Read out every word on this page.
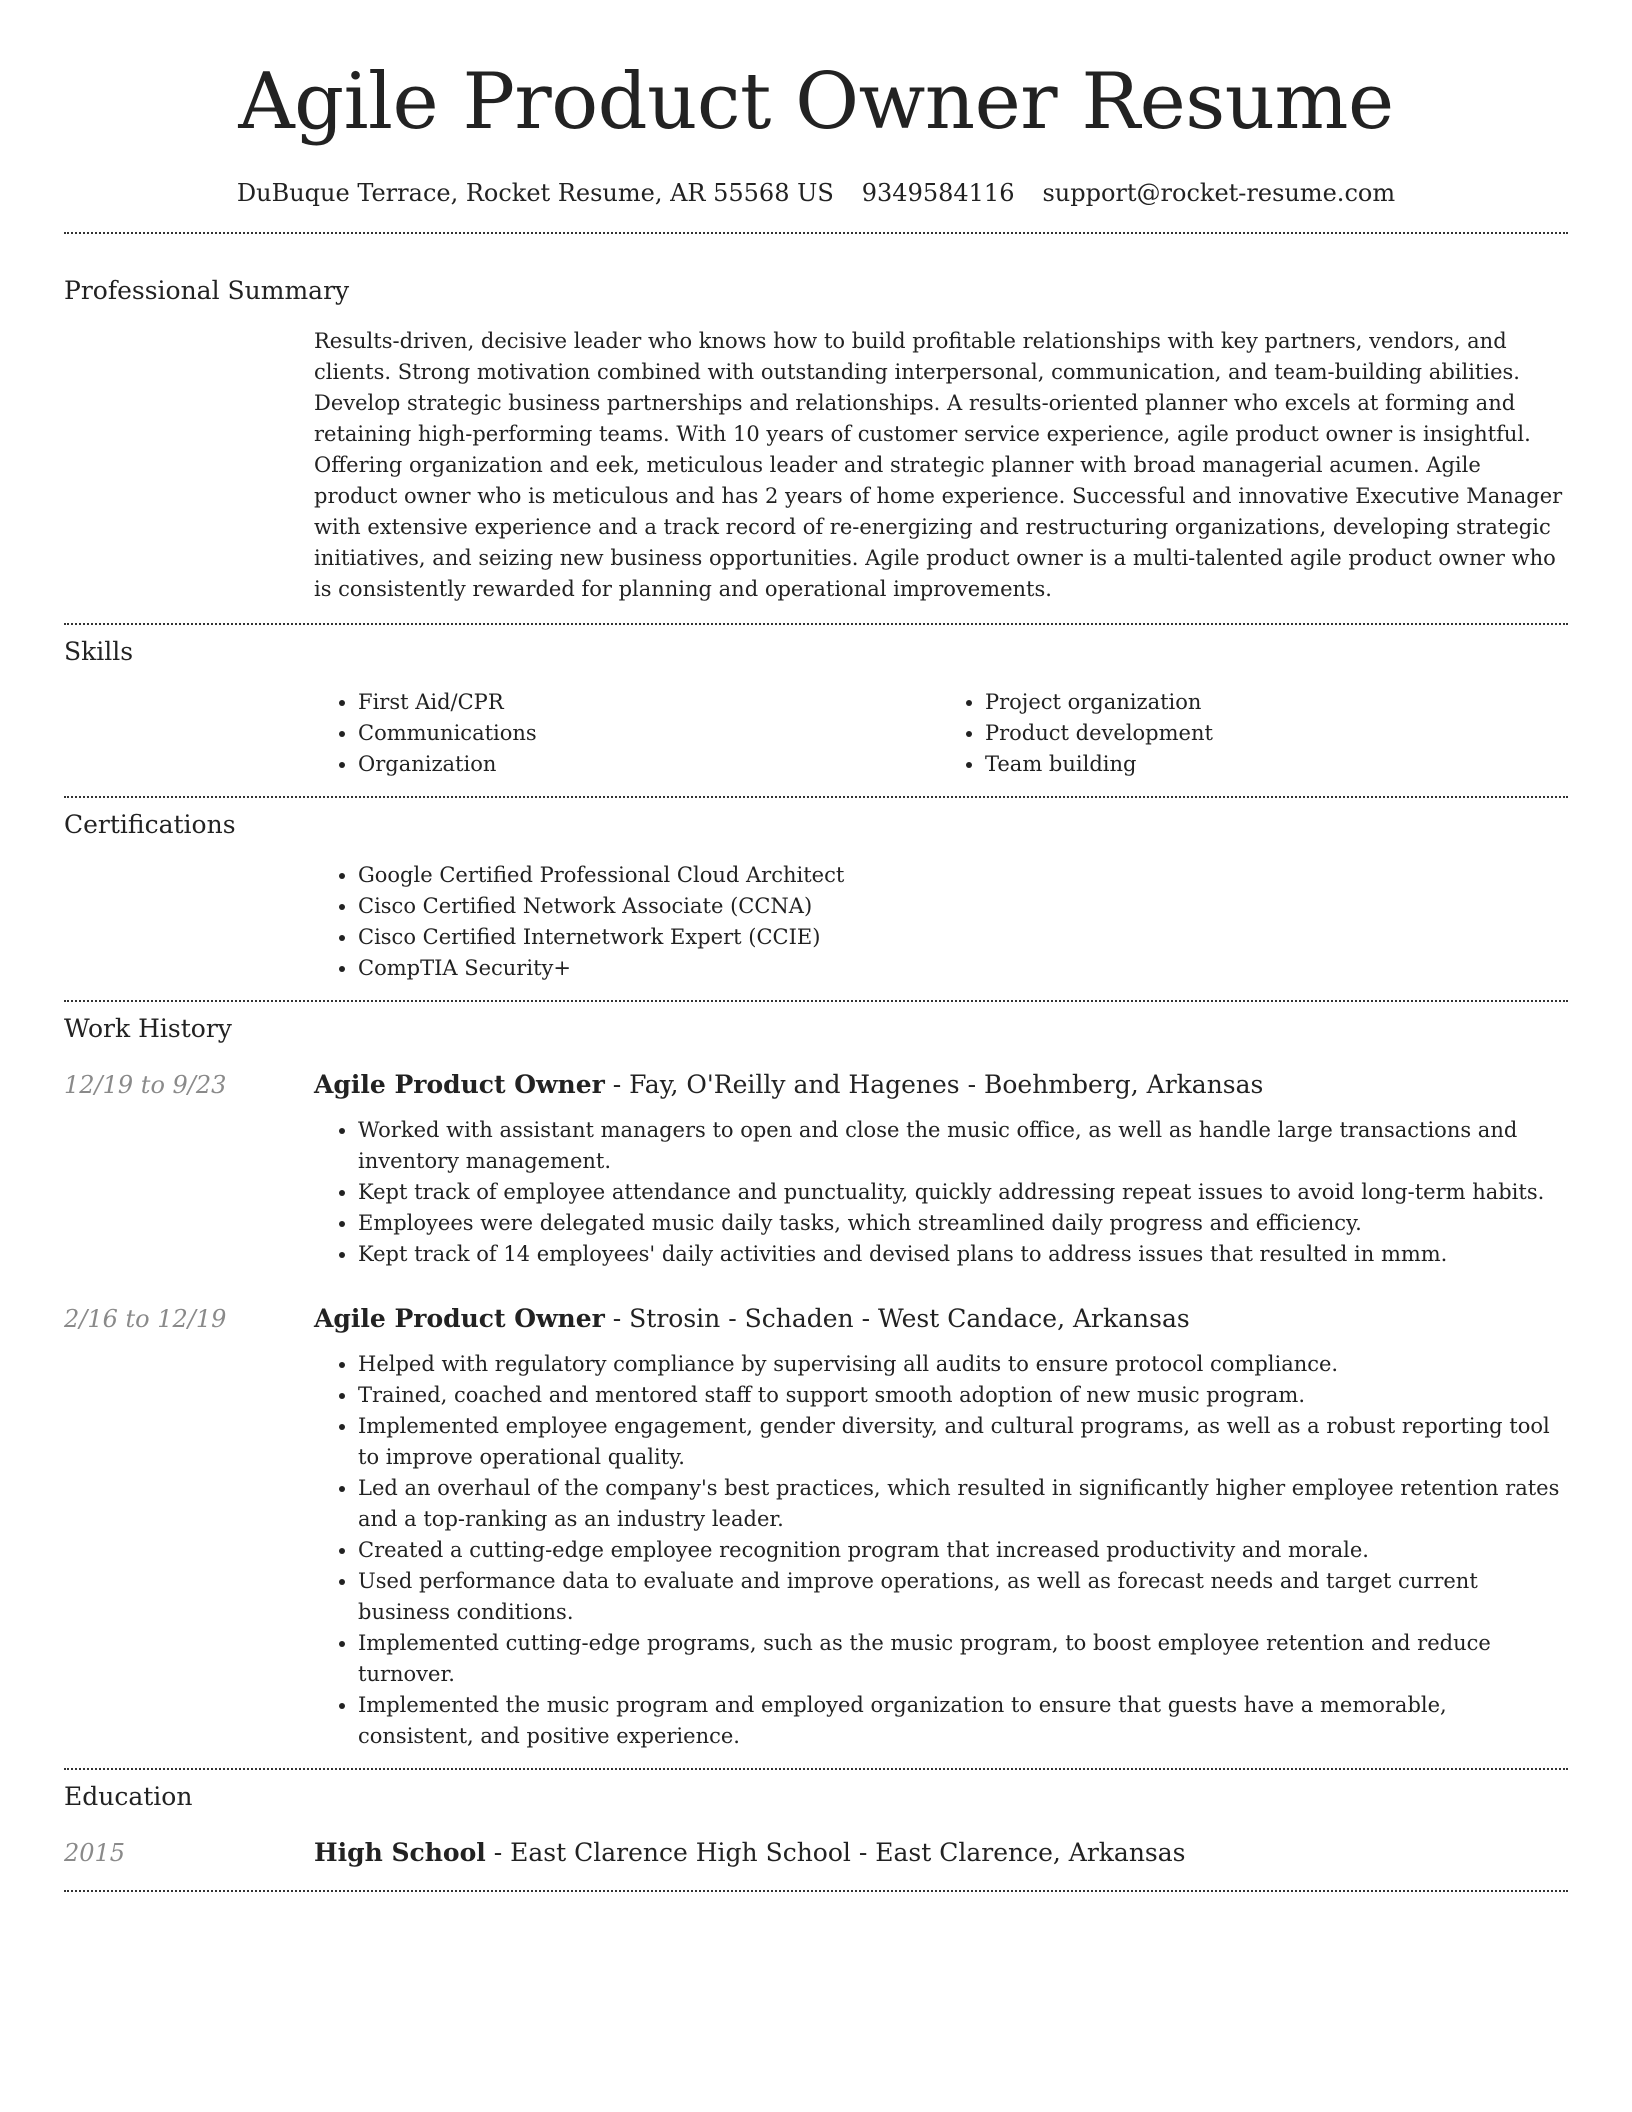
Agile Product Owner Resume
DuBuque Terrace, Rocket Resume, AR 55568 US 9349584116 support@rocket-resume.com
Professional Summary

Results-driven, decisive leader who knows how to build profitable relationships with key partners, vendors, and clients. Strong motivation combined with outstanding interpersonal, communication, and team-building abilities. Develop strategic business partnerships and relationships. A results-oriented planner who excels at forming and retaining high-performing teams. With 10 years of customer service experience, agile product owner is insightful. Offering organization and eek, meticulous leader and strategic planner with broad managerial acumen. Agile product owner who is meticulous and has 2 years of home experience. Successful and innovative Executive Manager with extensive experience and a track record of re-energizing and restructuring organizations, developing strategic initiatives, and seizing new business opportunities. Agile product owner is a multi-talented agile product owner who is consistently rewarded for planning and operational improvements.

Skills
• First Aid/CPR
• Communications
• Organization
• Project organization
• Product development
• Team building
Certifications
• Google Certified Professional Cloud Architect
• Cisco Certified Network Associate (CCNA)
• Cisco Certified Internetwork Expert (CCIE)
• CompTIA Security+
Work History
12/19 to 9/23	Agile Product Owner - Fay, O'Reilly and Hagenes - Boehmberg, Arkansas
• Worked with assistant managers to open and close the music office, as well as handle large transactions and inventory management.
• Kept track of employee attendance and punctuality, quickly addressing repeat issues to avoid long-term habits.
• Employees were delegated music daily tasks, which streamlined daily progress and efficiency.
• Kept track of 14 employees' daily activities and devised plans to address issues that resulted in mmm.
2/16 to 12/19	Agile Product Owner - Strosin - Schaden - West Candace, Arkansas
• Helped with regulatory compliance by supervising all audits to ensure protocol compliance.
• Trained, coached and mentored staff to support smooth adoption of new music program.
• Implemented employee engagement, gender diversity, and cultural programs, as well as a robust reporting tool to improve operational quality.
• Led an overhaul of the company's best practices, which resulted in significantly higher employee retention rates and a top-ranking as an industry leader.
• Created a cutting-edge employee recognition program that increased productivity and morale.
• Used performance data to evaluate and improve operations, as well as forecast needs and target current business conditions.
• Implemented cutting-edge programs, such as the music program, to boost employee retention and reduce turnover.
• Implemented the music program and employed organization to ensure that guests have a memorable, consistent, and positive experience.
Education
2015	High School - East Clarence High School - East Clarence, Arkansas
